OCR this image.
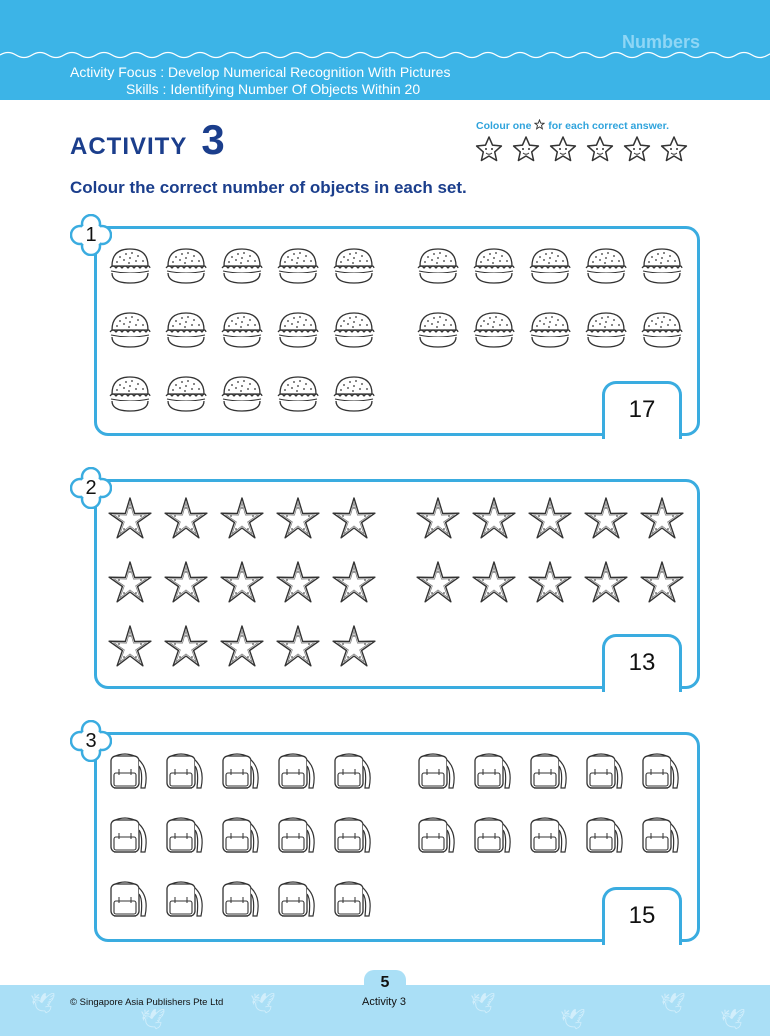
Numbers
Activity Focus : Develop Numerical Recognition With Pictures
Skills : Identifying Number Of Objects Within 20
ACTIVITY 3	Colour one for each correct answer.
Colour the correct number of objects in each set.
17
1
13
2
15
3
🕊
🕊
🕊	🕊
🕊
🕊
🕊
© Singapore Asia Publishers Pte Ltd	Activity 3
5
